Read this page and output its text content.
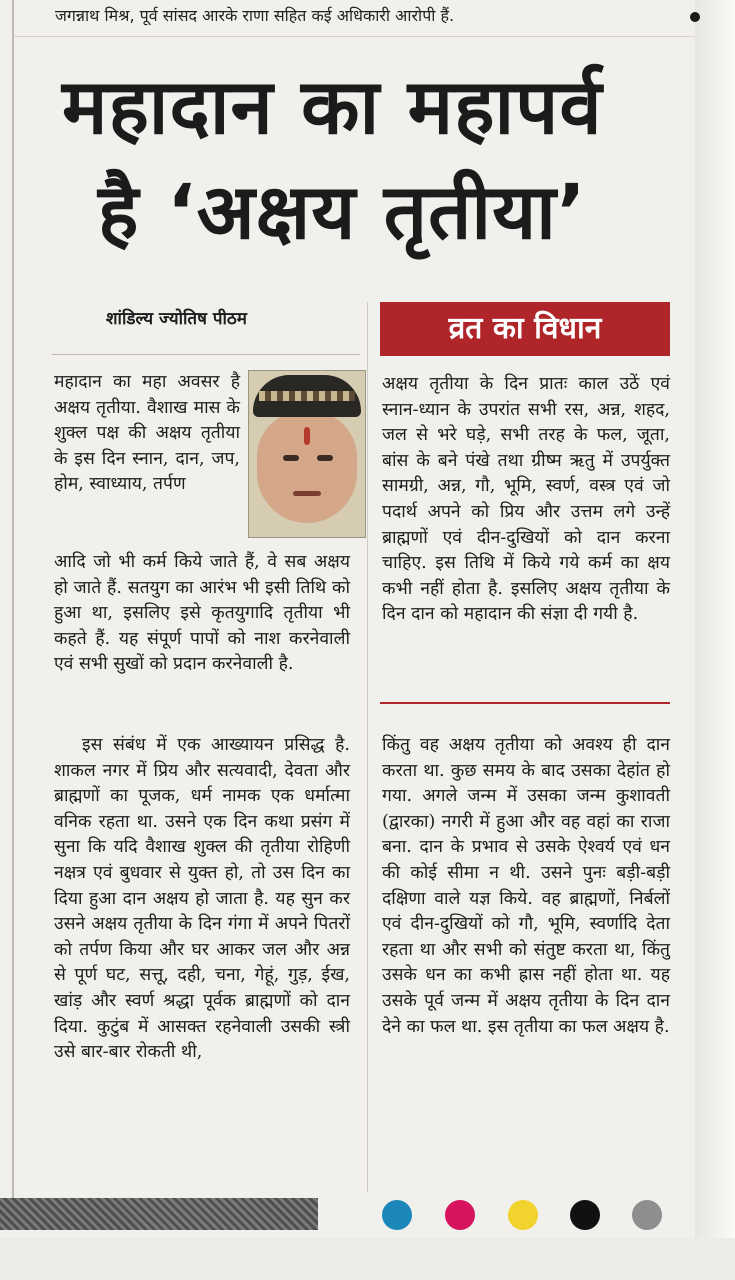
जगन्नाथ मिश्र, पूर्व सांसद आरके राणा सहित कई अधिकारी आरोपी हैं.
महादान का महापर्व
है ‘अक्षय तृतीया’
शांडिल्य ज्योतिष पीठम	व्रत का विधान

महादान का महा अवसर है अक्षय तृतीया. वैशाख मास के शुक्ल पक्ष की अक्षय तृतीया के इस दिन स्नान, दान, जप, होम, स्वाध्याय, तर्पण

आदि जो भी कर्म किये जाते हैं, वे सब अक्षय हो जाते हैं. सतयुग का आरंभ भी इसी तिथि को हुआ था, इसलिए इसे कृतयुगादि तृतीया भी कहते हैं. यह संपूर्ण पापों को नाश करनेवाली एवं सभी सुखों को प्रदान करनेवाली है.

इस संबंध में एक आख्यायन प्रसिद्ध है. शाकल नगर में प्रिय और सत्यवादी, देवता और ब्राह्मणों का पूजक, धर्म नामक एक धर्मात्मा वनिक रहता था. उसने एक दिन कथा प्रसंग में सुना कि यदि वैशाख शुक्ल की तृतीया रोहिणी नक्षत्र एवं बुधवार से युक्त हो, तो उस दिन का दिया हुआ दान अक्षय हो जाता है. यह सुन कर उसने अक्षय तृतीया के दिन गंगा में अपने पितरों को तर्पण किया और घर आकर जल और अन्न से पूर्ण घट, सत्तू, दही, चना, गेहूं, गुड़, ईख, खांड़ और स्वर्ण श्रद्धा पूर्वक ब्राह्मणों को दान दिया. कुटुंब में आसक्त रहनेवाली उसकी स्त्री उसे बार-बार रोकती थी,

अक्षय तृतीया के दिन प्रातः काल उठें एवं स्नान-ध्यान के उपरांत सभी रस, अन्न, शहद, जल से भरे घड़े, सभी तरह के फल, जूता, बांस के बने पंखे तथा ग्रीष्म ऋतु में उपर्युक्त सामग्री, अन्न, गौ, भूमि, स्वर्ण, वस्त्र एवं जो पदार्थ अपने को प्रिय और उत्तम लगे उन्हें ब्राह्मणों एवं दीन-दुखियों को दान करना चाहिए. इस तिथि में किये गये कर्म का क्षय कभी नहीं होता है. इसलिए अक्षय तृतीया के दिन दान को महादान की संज्ञा दी गयी है.

किंतु वह अक्षय तृतीया को अवश्य ही दान करता था. कुछ समय के बाद उसका देहांत हो गया. अगले जन्म में उसका जन्म कुशावती (द्वारका) नगरी में हुआ और वह वहां का राजा बना. दान के प्रभाव से उसके ऐश्वर्य एवं धन की कोई सीमा न थी. उसने पुनः बड़ी-बड़ी दक्षिणा वाले यज्ञ किये. वह ब्राह्मणों, निर्बलों एवं दीन-दुखियों को गौ, भूमि, स्वर्णादि देता रहता था और सभी को संतुष्ट करता था, किंतु उसके धन का कभी ह्रास नहीं होता था. यह उसके पूर्व जन्म में अक्षय तृतीया के दिन दान देने का फल था. इस तृतीया का फल अक्षय है.
